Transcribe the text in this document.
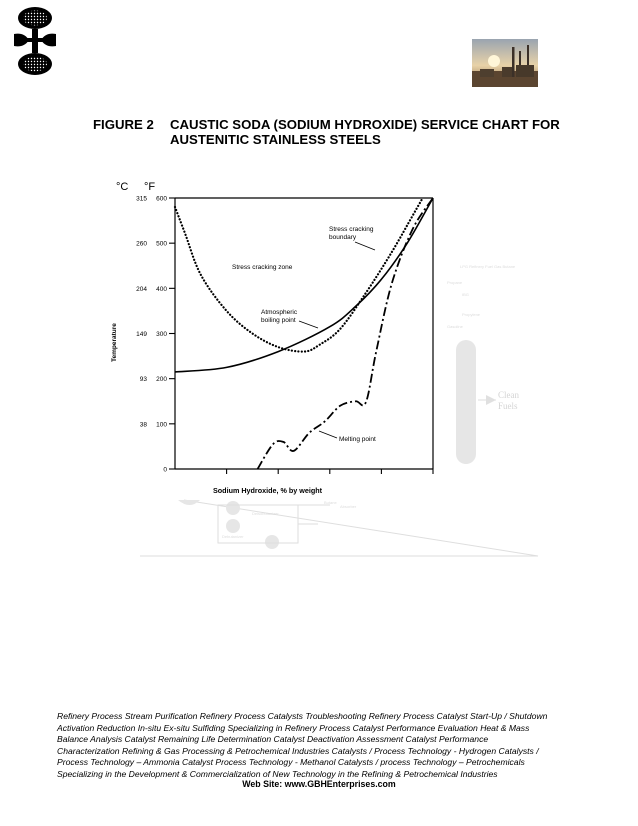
FIGURE 2 CAUSTIC SODA (SODIUM HYDROXIDE) SERVICE CHART FOR AUSTENITIC STAINLESS STEELS
Clean
Fuels
LPG Refinery Fuel Gas Butane
Propane
IBG
Propylene
Gasoline
Butane
Absorber
Deisobutanizer
Debutanizer
0
100
200
300
400
500
600
38
93
149
204
260
315
°C °F
Temperature
Sodium Hydroxide, % by weight
Stress cracking zone
Stress cracking
boundary
Atmospheric
boiling point
Melting point
Refinery Process Stream Purification Refinery Process Catalysts Troubleshooting Refinery Process Catalyst Start-Up / Shutdown
Activation Reduction In-situ Ex-situ Sulfiding Specializing in Refinery Process Catalyst Performance Evaluation Heat & Mass
Balance Analysis Catalyst Remaining Life Determination Catalyst Deactivation Assessment Catalyst Performance
Characterization Refining & Gas Processing & Petrochemical Industries Catalysts / Process Technology - Hydrogen Catalysts /
Process Technology – Ammonia Catalyst Process Technology - Methanol Catalysts / process Technology – Petrochemicals
Specializing in the Development & Commercialization of New Technology in the Refining & Petrochemical Industries
Web Site: www.GBHEnterprises.com
